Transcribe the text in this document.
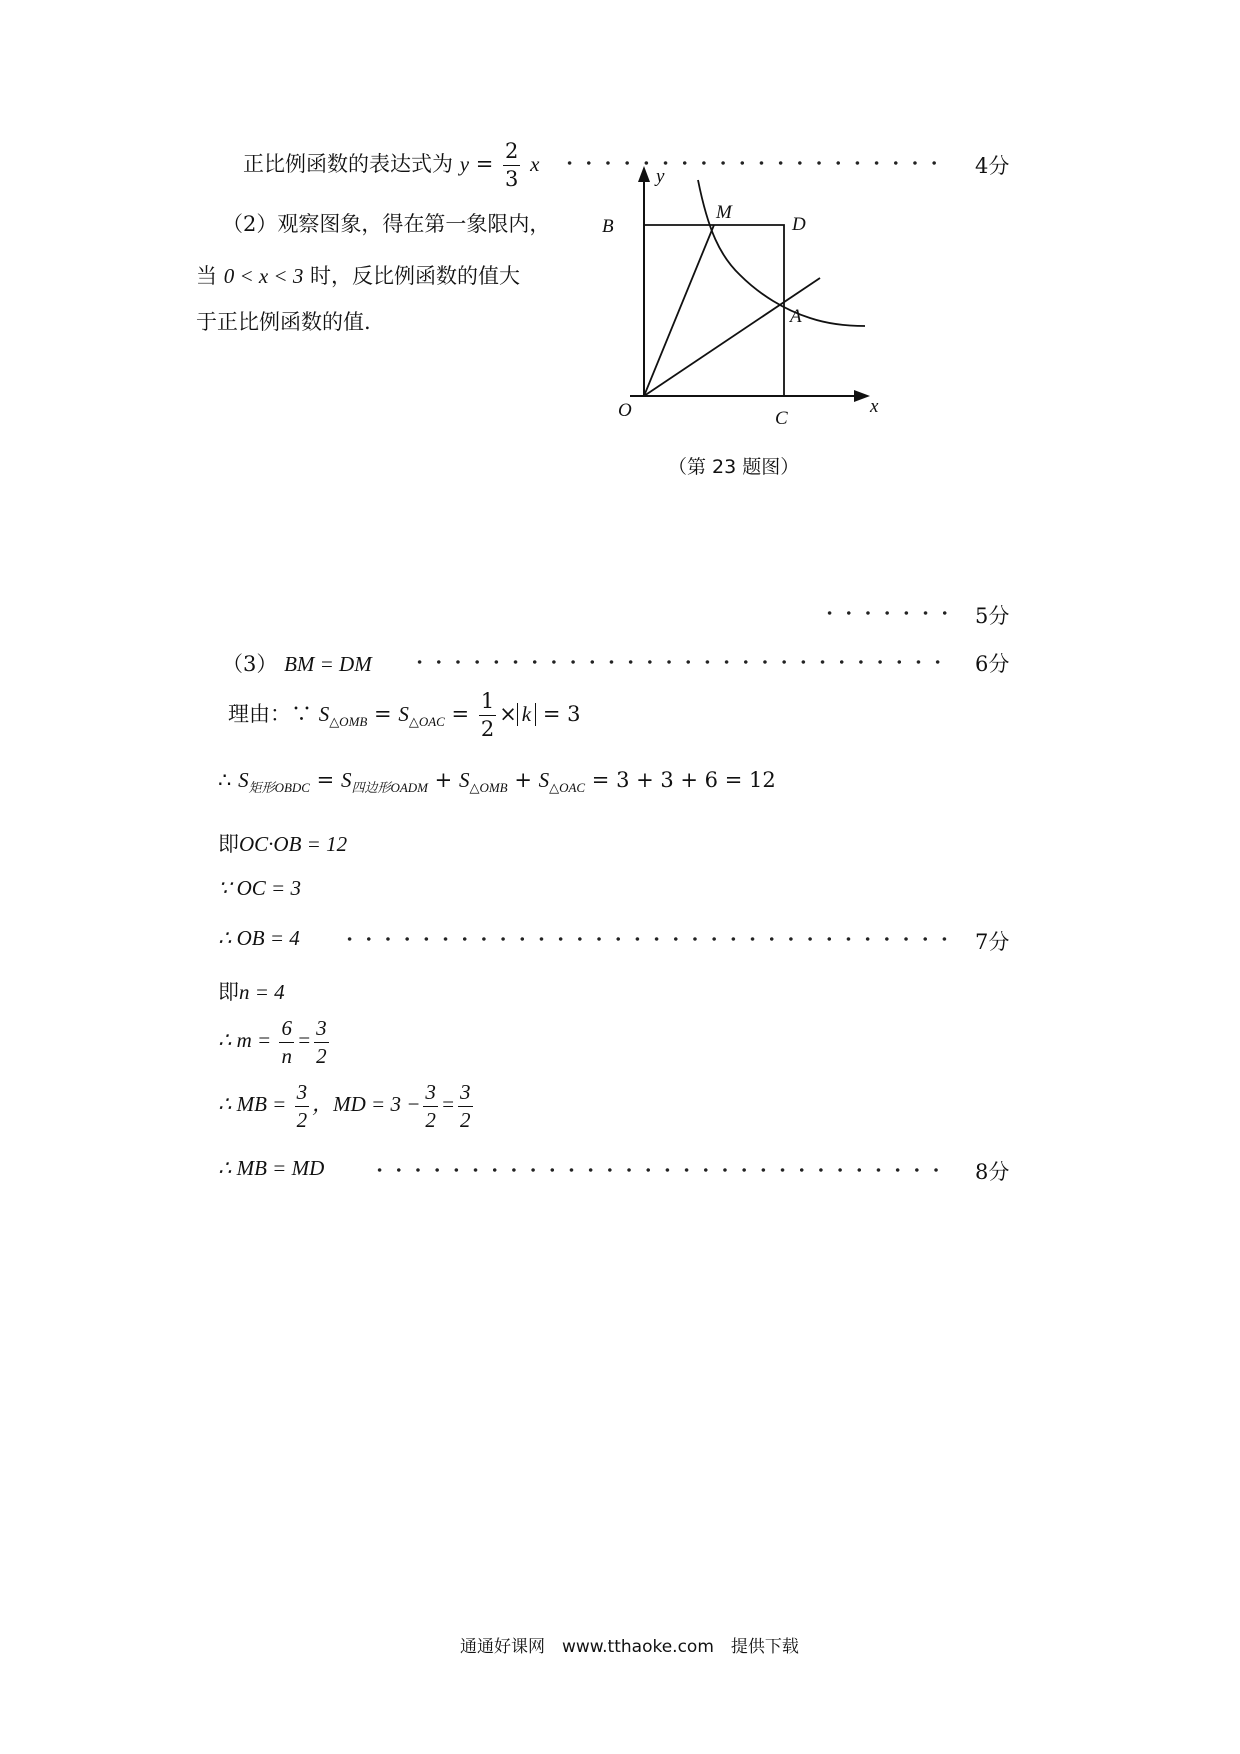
正比例函数的表达式为 $y = \frac{2}{3}$ x	4分
（2）观察图象，得在第一象限内，
当 0 < x < 3 时，反比例函数的值大
于正比例函数的值.
y
B
M
D
A
O	C
x
（第 23 题图）
5分
（3） BM = DM	6分
理由：∵ $S_{\triangle OMB} = S_{\triangle OAC} = \frac{1}{2} \times k = 3$
∴ $S_{矩形OBDC} = S_{四边形OADM} + S_{\triangle OMB} + S_{\triangle OAC} = 3 + 3 + 6 = 12$
即OC·OB = 12
∵ OC = 3
∴ OB = 4	7分
即n = 4
∴ $m = \frac{6}{n} = \frac{3}{2}$
∴ MB = $\frac{3}{2}$ ，MD = $3 - \frac{3}{2} = \frac{3}{2}$
∴ MB = MD	8分
通通好课网　www.tthaoke.com　提供下载
